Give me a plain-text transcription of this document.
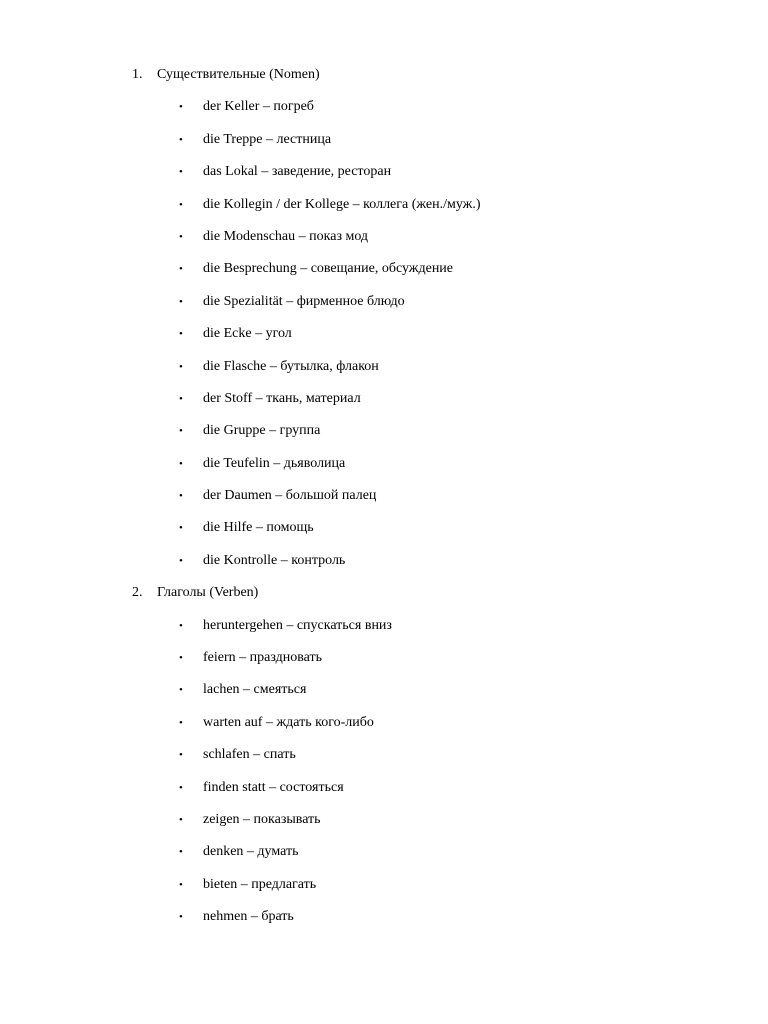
1. Существительные (Nomen)
• der Keller – погреб
• die Treppe – лестница
• das Lokal – заведение, ресторан
• die Kollegin / der Kollege – коллега (жен./муж.)
• die Modenschau – показ мод
• die Besprechung – совещание, обсуждение
• die Spezialität – фирменное блюдо
• die Ecke – угол
• die Flasche – бутылка, флакон
• der Stoff – ткань, материал
• die Gruppe – группа
• die Teufelin – дьяволица
• der Daumen – большой палец
• die Hilfe – помощь
• die Kontrolle – контроль
2. Глаголы (Verben)
• heruntergehen – спускаться вниз
• feiern – праздновать
• lachen – смеяться
• warten auf – ждать кого-либо
• schlafen – спать
• finden statt – состояться
• zeigen – показывать
• denken – думать
• bieten – предлагать
• nehmen – брать
